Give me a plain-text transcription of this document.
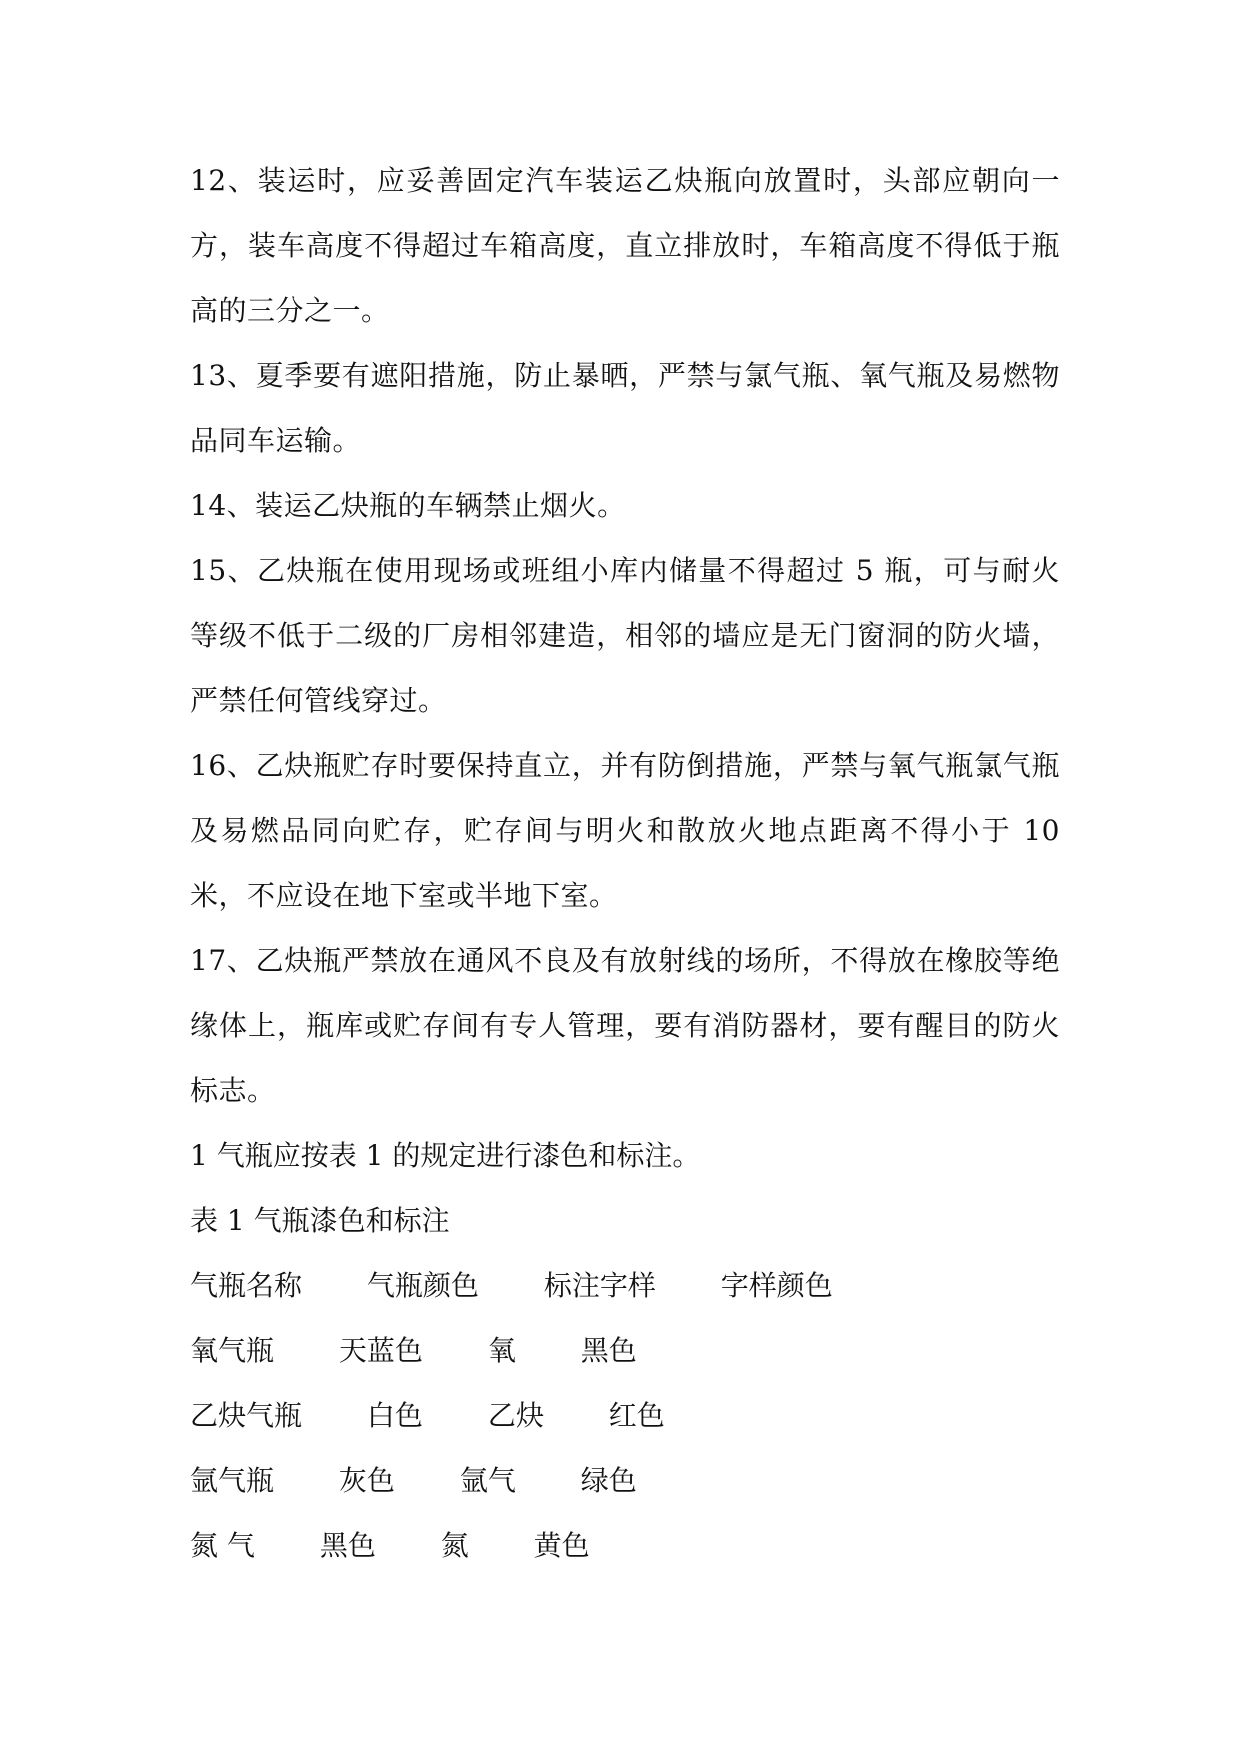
12、装运时，应妥善固定汽车装运乙炔瓶向放置时，头部应朝向一方，装车高度不得超过车箱高度，直立排放时，车箱高度不得低于瓶高的三分之一。

13、夏季要有遮阳措施，防止暴晒，严禁与氯气瓶、氧气瓶及易燃物品同车运输。

14、装运乙炔瓶的车辆禁止烟火。

15、乙炔瓶在使用现场或班组小库内储量不得超过 5 瓶，可与耐火等级不低于二级的厂房相邻建造，相邻的墙应是无门窗洞的防火墙，严禁任何管线穿过。

16、乙炔瓶贮存时要保持直立，并有防倒措施，严禁与氧气瓶氯气瓶及易燃品同向贮存，贮存间与明火和散放火地点距离不得小于 10 米，不应设在地下室或半地下室。

17、乙炔瓶严禁放在通风不良及有放射线的场所，不得放在橡胶等绝缘体上，瓶库或贮存间有专人管理，要有消防器材，要有醒目的防火标志。

1 气瓶应按表 1 的规定进行漆色和标注。

表 1 气瓶漆色和标注

气瓶名称 气瓶颜色 标注字样 字样颜色

氧气瓶 天蓝色 氧 黑色

乙炔气瓶 白色 乙炔 红色

氩气瓶 灰色 氩气 绿色

氮 气 黑色 氮 黄色
